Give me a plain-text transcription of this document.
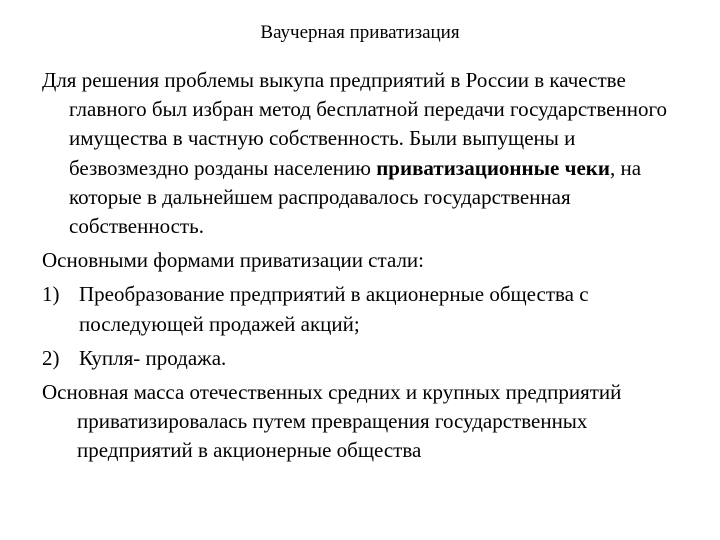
Ваучерная приватизация

Для решения проблемы выкупа предприятий в России в качестве главного был избран метод бесплатной передачи государственного имущества в частную собственность. Были выпущены и безвозмездно розданы населению приватизационные чеки, на которые в дальнейшем распродавалось государственная собственность.

Основными формами приватизации стали:

1) Преобразование предприятий в акционерные общества с последующей продажей акций;
2) Купля- продажа.

Основная масса отечественных средних и крупных предприятий приватизировалась путем превращения государственных предприятий в акционерные общества
